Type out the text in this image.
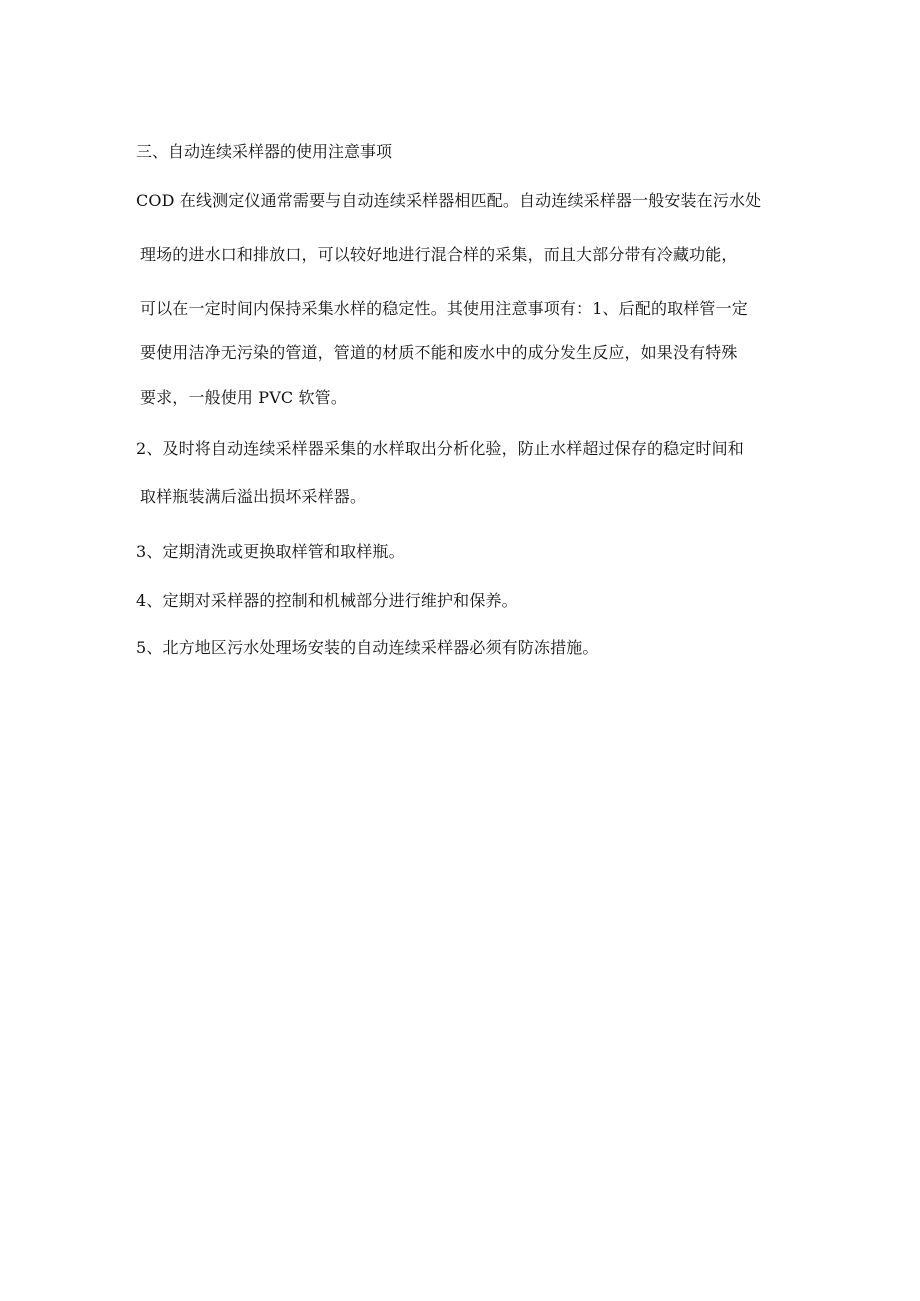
三、自动连续采样器的使用注意事项
COD 在线测定仪通常需要与自动连续采样器相匹配。自动连续采样器一般安装在污水处
理场的进水口和排放口，可以较好地进行混合样的采集，而且大部分带有冷藏功能，
可以在一定时间内保持采集水样的稳定性。其使用注意事项有：1、后配的取样管一定
要使用洁净无污染的管道，管道的材质不能和废水中的成分发生反应，如果没有特殊
要求，一般使用 PVC 软管。
2、及时将自动连续采样器采集的水样取出分析化验，防止水样超过保存的稳定时间和
取样瓶装满后溢出损坏采样器。
3、定期清洗或更换取样管和取样瓶。
4、定期对采样器的控制和机械部分进行维护和保养。
5、北方地区污水处理场安装的自动连续采样器必须有防冻措施。
